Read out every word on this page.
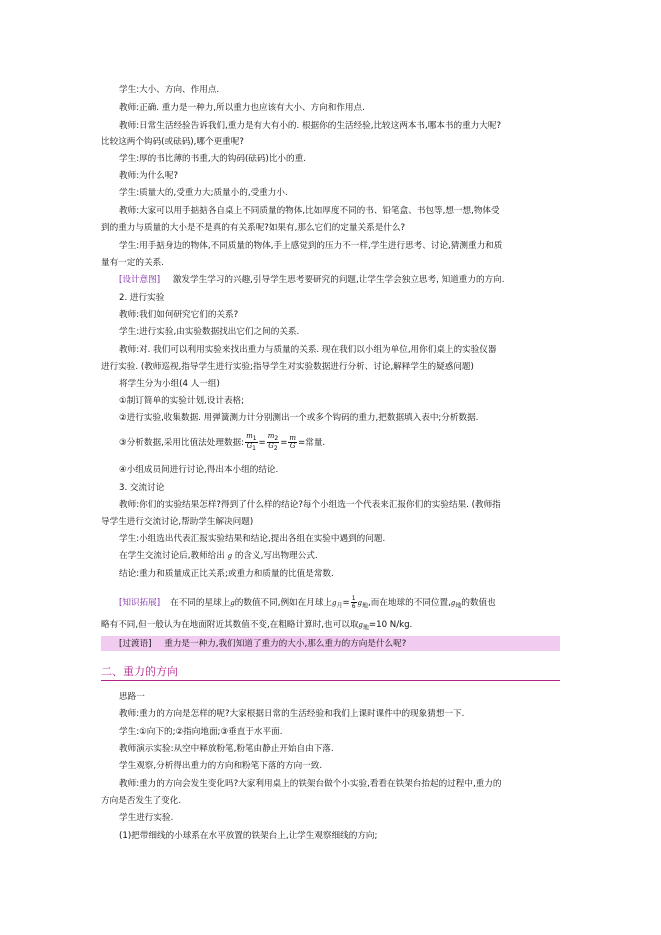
学生:大小、方向、作用点.
教师:正确. 重力是一种力,所以重力也应该有大小、方向和作用点.
教师:日常生活经验告诉我们,重力是有大有小的. 根据你的生活经验,比较这两本书,哪本书的重力大呢?
比较这两个钩码(或砝码),哪个更重呢?
学生:厚的书比薄的书重,大的钩码(砝码)比小的重.
教师:为什么呢?
学生:质量大的,受重力大;质量小的,受重力小.
教师:大家可以用手掂掂各自桌上不同质量的物体,比如厚度不同的书、铅笔盒、书包等,想一想,物体受
到的重力与质量的大小是不是真的有关系呢?如果有,那么它们的定量关系是什么?
学生:用手掂身边的物体,不同质量的物体,手上感觉到的压力不一样,学生进行思考、讨论,猜测重力和质
量有一定的关系.
[设计意图] 激发学生学习的兴趣,引导学生思考要研究的问题,让学生学会独立思考, 知道重力的方向.
2. 进行实验
教师:我们如何研究它们的关系?
学生:进行实验,由实验数据找出它们之间的关系.
教师:对. 我们可以利用实验来找出重力与质量的关系. 现在我们以小组为单位,用你们桌上的实验仪器
进行实验. (教师巡视,指导学生进行实验;指导学生对实验数据进行分析、讨论,解释学生的疑惑问题)
将学生分为小组(4 人一组)
①制订简单的实验计划,设计表格;
②进行实验,收集数据. 用弹簧测力计分别测出一个或多个钩码的重力,把数据填入表中;分析数据.
③分析数据,采用比值法处理数据: $\frac{m_1}{G_1} = \frac{m_2}{G_2} = \frac{m}{G}$ =常量.
④小组成员间进行讨论,得出本小组的结论.
3. 交流讨论
教师:你们的实验结果怎样?得到了什么样的结论?每个小组选一个代表来汇报你们的实验结果. (教师指
导学生进行交流讨论,帮助学生解决问题)
学生:小组选出代表汇报实验结果和结论,提出各组在实验中遇到的问题.
在学生交流讨论后,教师给出 g 的含义,写出物理公式.
结论:重力和质量成正比关系;或重力和质量的比值是常数.
[知识拓展] 在不同的星球上g的数值不同,例如在月球上$g_月= \frac{1}{6} g_地$,而在地球的不同位置$,g_地$的数值也
略有不同,但一般认为在地面附近其数值不变,在粗略计算时,也可以取$g_地=10$ N/kg.
[过渡语] 重力是一种力,我们知道了重力的大小,那么重力的方向是什么呢?
二、重力的方向
思路一
教师:重力的方向是怎样的呢?大家根据日常的生活经验和我们上课时课件中的现象猜想一下.
学生:①向下的;②指向地面;③垂直于水平面.
教师演示实验:从空中释放粉笔,粉笔由静止开始自由下落.
学生观察,分析得出重力的方向和粉笔下落的方向一致.
教师:重力的方向会发生变化吗?大家利用桌上的铁架台做个小实验,看看在铁架台抬起的过程中,重力的
方向是否发生了变化.
学生进行实验.
(1)把带细线的小球系在水平放置的铁架台上,让学生观察细线的方向;
